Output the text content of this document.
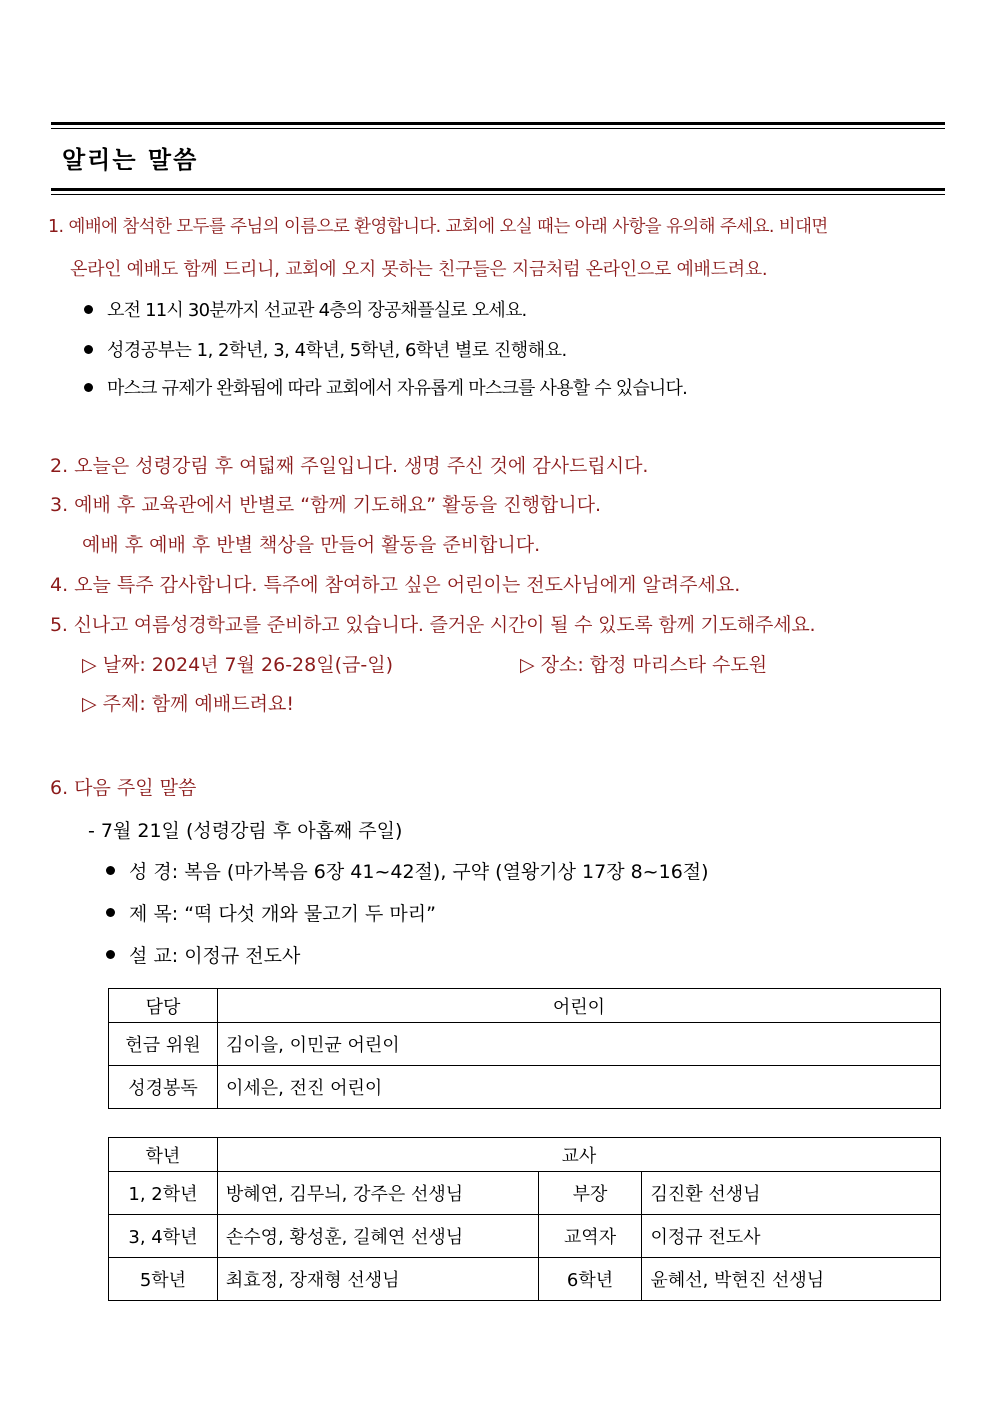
알리는 말씀
1. 예배에 참석한 모두를 주님의 이름으로 환영합니다. 교회에 오실 때는 아래 사항을 유의해 주세요. 비대면
온라인 예배도 함께 드리니, 교회에 오지 못하는 친구들은 지금처럼 온라인으로 예배드려요.
오전 11시 30분까지 선교관 4층의 장공채플실로 오세요.
성경공부는 1, 2학년, 3, 4학년, 5학년, 6학년 별로 진행해요.
마스크 규제가 완화됨에 따라 교회에서 자유롭게 마스크를 사용할 수 있습니다.
2. 오늘은 성령강림 후 여덟째 주일입니다. 생명 주신 것에 감사드립시다.
3. 예배 후 교육관에서 반별로 “함께 기도해요” 활동을 진행합니다.
예배 후 예배 후 반별 책상을 만들어 활동을 준비합니다.
4. 오늘 특주 감사합니다. 특주에 참여하고 싶은 어린이는 전도사님에게 알려주세요.
5. 신나고 여름성경학교를 준비하고 있습니다. 즐거운 시간이 될 수 있도록 함께 기도해주세요.
▷ 날짜: 2024년 7월 26-28일(금-일)	▷ 장소: 합정 마리스타 수도원
▷ 주제: 함께 예배드려요!
6. 다음 주일 말씀
- 7월 21일 (성령강림 후 아홉째 주일)
성 경: 복음 (마가복음 6장 41~42절), 구약 (열왕기상 17장 8~16절)
제 목: “떡 다섯 개와 물고기 두 마리”
설 교: 이정규 전도사
담당	어린이
헌금 위원	김이을, 이민균 어린이
성경봉독	이세은, 전진 어린이
학년	교사		
1, 2학년	방혜연, 김무늬, 강주은 선생님	부장	김진환 선생님
3, 4학년	손수영, 황성훈, 길혜연 선생님	교역자	이정규 전도사
5학년	최효정, 장재형 선생님	6학년	윤혜선, 박현진 선생님
